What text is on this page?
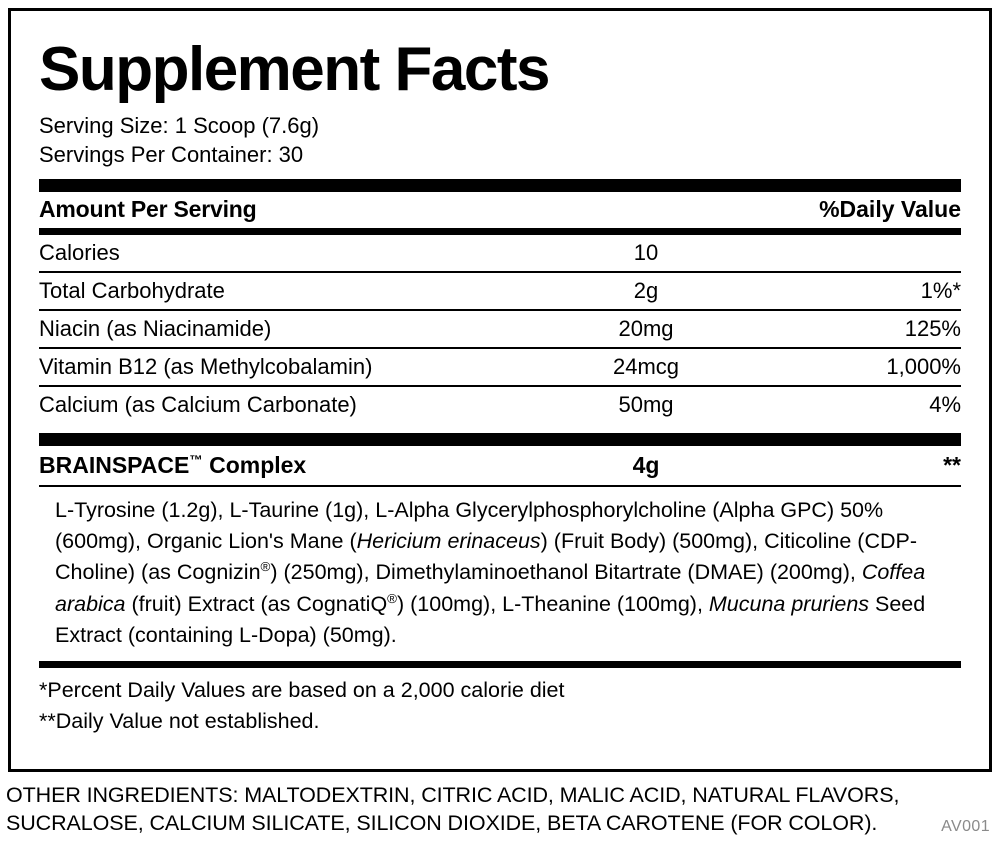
Supplement Facts
Serving Size: 1 Scoop (7.6g)
Servings Per Container: 30
Amount Per Serving	%Daily Value
Calories	10
Total Carbohydrate	2g	1%*
Niacin (as Niacinamide)	20mg	125%
Vitamin B12 (as Methylcobalamin)	24mcg	1,000%
Calcium (as Calcium Carbonate)	50mg	4%
BRAINSPACE™ Complex	4g	**
L-Tyrosine (1.2g), L-Taurine (1g), L-Alpha Glycerylphosphorylcholine (Alpha GPC) 50% (600mg), Organic Lion's Mane (Hericium erinaceus) (Fruit Body) (500mg), Citicoline (CDP-Choline) (as Cognizin®) (250mg), Dimethylaminoethanol Bitartrate (DMAE) (200mg), Coffea arabica (fruit) Extract (as CognatiQ®) (100mg), L-Theanine (100mg), Mucuna pruriens Seed Extract (containing L-Dopa) (50mg).
*Percent Daily Values are based on a 2,000 calorie diet
**Daily Value not established.
OTHER INGREDIENTS: MALTODEXTRIN, CITRIC ACID, MALIC ACID, NATURAL FLAVORS, SUCRALOSE, CALCIUM SILICATE, SILICON DIOXIDE, BETA CAROTENE (FOR COLOR).	AV001
